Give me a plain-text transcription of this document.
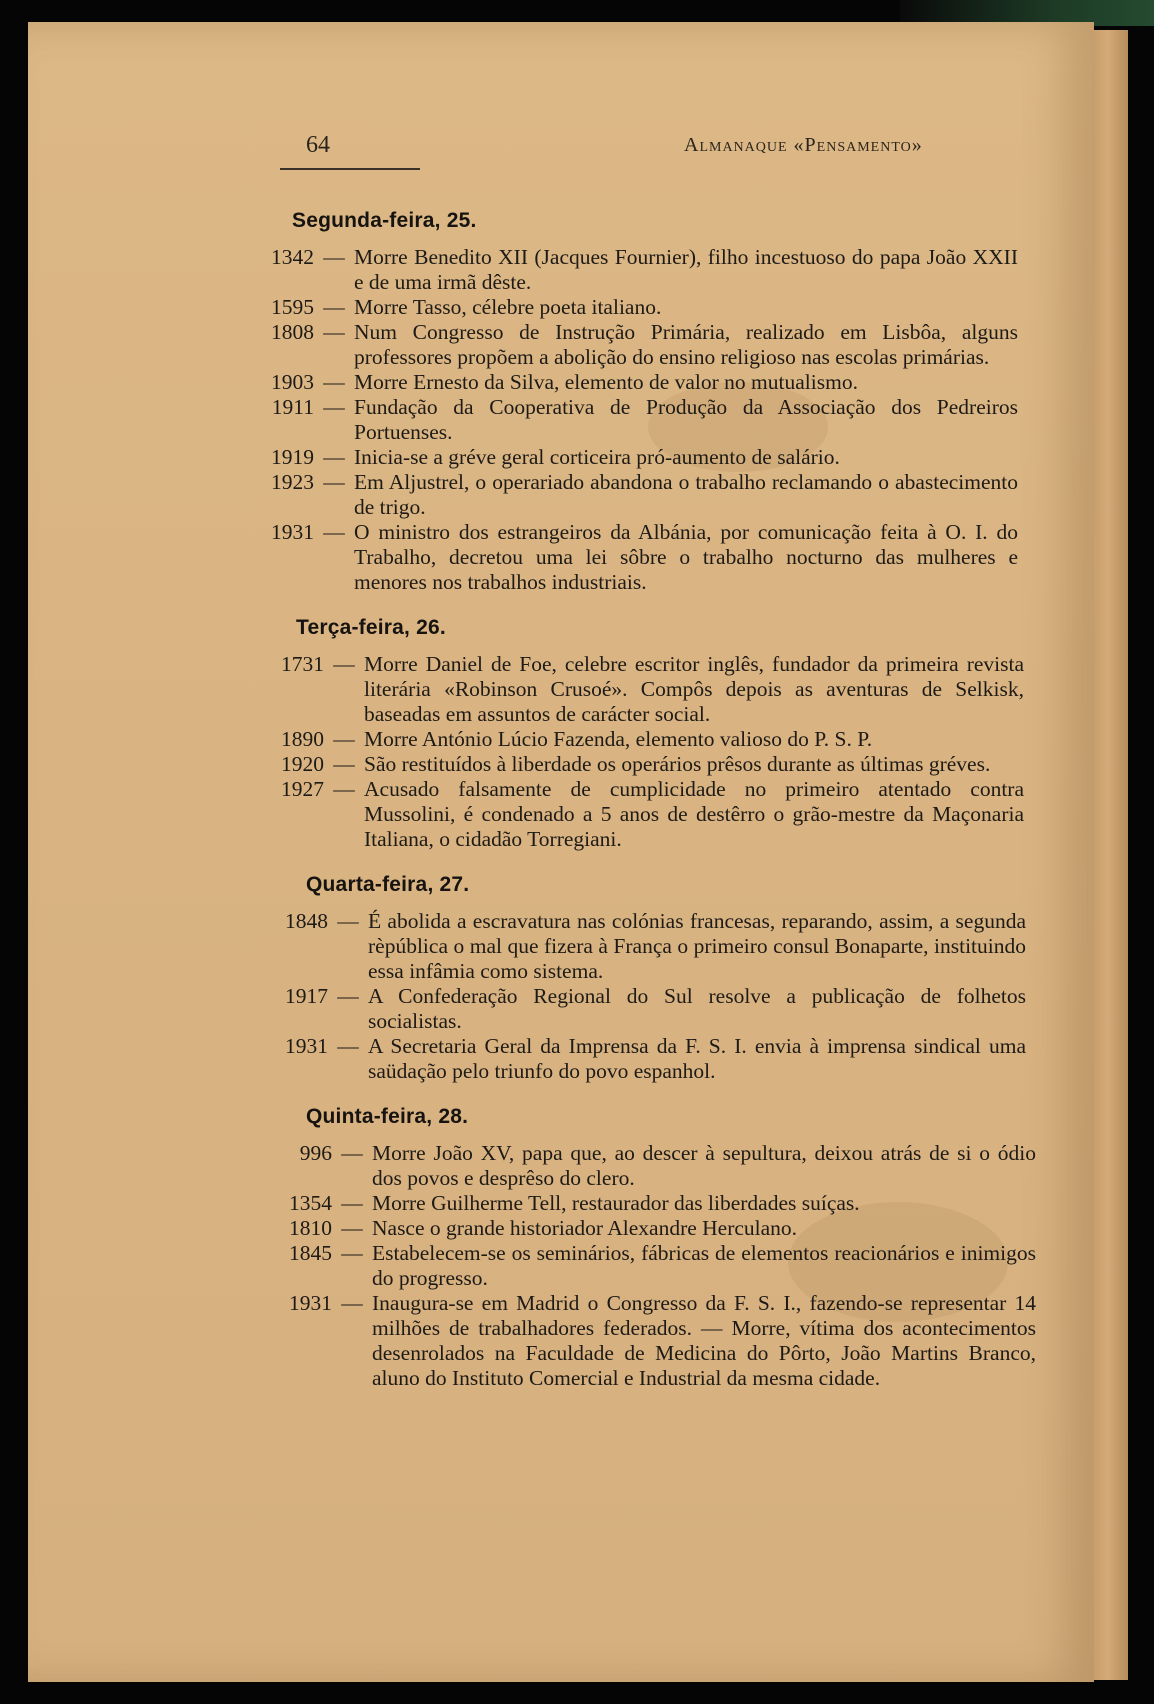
64	Almanaque «Pensamento»
Segunda-feira, 25.
1342 — Morre Benedito XII (Jacques Fournier), filho incestuoso do papa João XXII e de uma irmã dêste.
1595 — Morre Tasso, célebre poeta italiano.
1808 — Num Congresso de Instrução Primária, realizado em Lisbôa, alguns professores propõem a abolição do ensino religioso nas escolas primárias.
1903 — Morre Ernesto da Silva, elemento de valor no mutualismo.
1911 — Fundação da Cooperativa de Produção da Associação dos Pedreiros Portuenses.
1919 — Inicia-se a gréve geral corticeira pró-aumento de salário.
1923 — Em Aljustrel, o operariado abandona o trabalho reclamando o abastecimento de trigo.
1931 — O ministro dos estrangeiros da Albánia, por comunicação feita à O. I. do Trabalho, decretou uma lei sôbre o trabalho nocturno das mulheres e menores nos trabalhos industriais.
Terça-feira, 26.
1731 — Morre Daniel de Foe, celebre escritor inglês, fundador da primeira revista literária «Robinson Crusoé». Compôs depois as aventuras de Selkisk, baseadas em assuntos de carácter social.
1890 — Morre António Lúcio Fazenda, elemento valioso do P. S. P.
1920 — São restituídos à liberdade os operários prêsos durante as últimas gréves.
1927 — Acusado falsamente de cumplicidade no primeiro atentado contra Mussolini, é condenado a 5 anos de destêrro o grão-mestre da Maçonaria Italiana, o cidadão Torregiani.
Quarta-feira, 27.
1848 — É abolida a escravatura nas colónias francesas, reparando, assim, a segunda rèpública o mal que fizera à França o primeiro consul Bonaparte, instituindo essa infâmia como sistema.
1917 — A Confederação Regional do Sul resolve a publicação de folhetos socialistas.
1931 — A Secretaria Geral da Imprensa da F. S. I. envia à imprensa sindical uma saüdação pelo triunfo do povo espanhol.
Quinta-feira, 28.
996 — Morre João XV, papa que, ao descer à sepultura, deixou atrás de si o ódio dos povos e desprêso do clero.
1354 — Morre Guilherme Tell, restaurador das liberdades suíças.
1810 — Nasce o grande historiador Alexandre Herculano.
1845 — Estabelecem-se os seminários, fábricas de elementos reacionários e inimigos do progresso.
1931 — Inaugura-se em Madrid o Congresso da F. S. I., fazendo-se representar 14 milhões de trabalhadores federados. — Morre, vítima dos acontecimentos desenrolados na Faculdade de Medicina do Pôrto, João Martins Branco, aluno do Instituto Comercial e Industrial da mesma cidade.
